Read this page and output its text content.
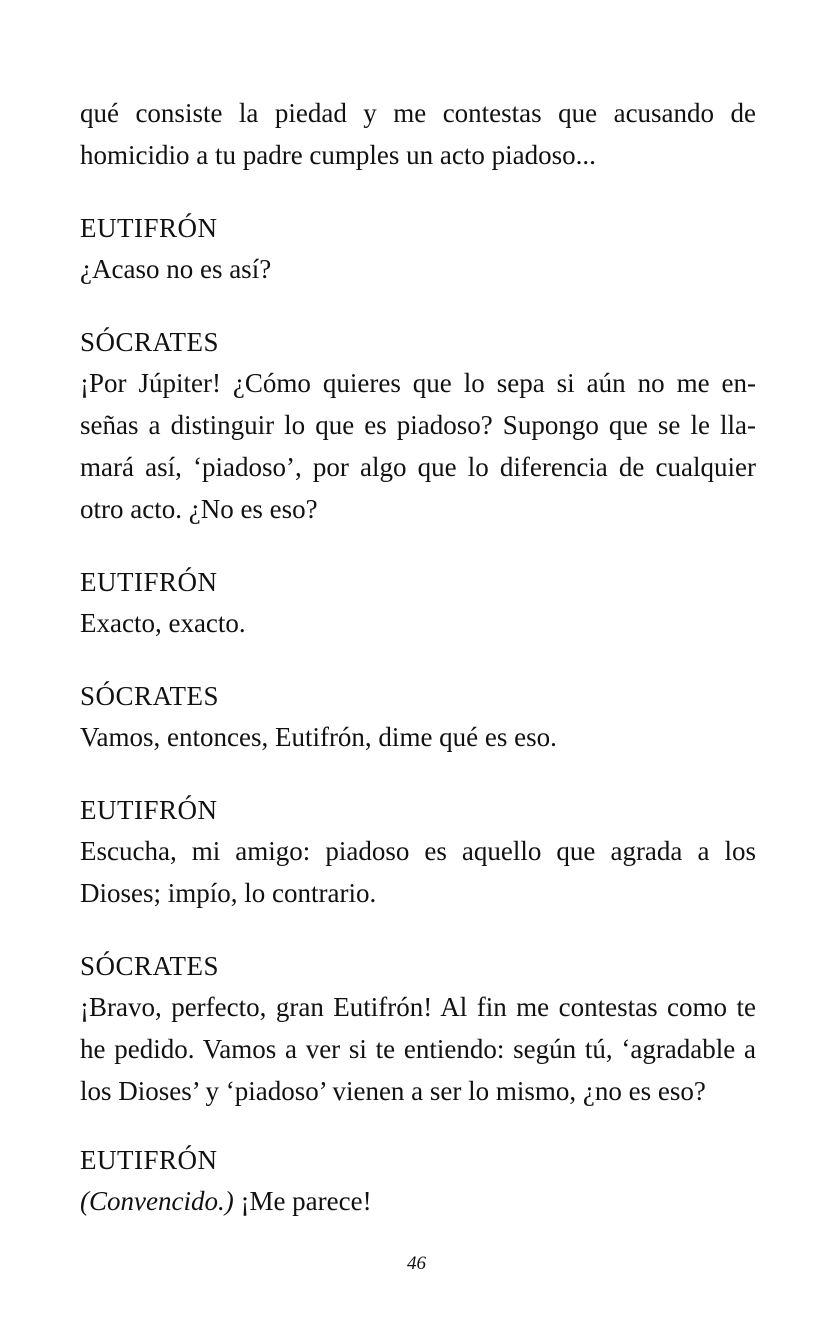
qué consiste la piedad y me contestas que acusando de
homicidio a tu padre cumples un acto piadoso...
EUTIFRÓN
¿Acaso no es así?
SÓCRATES
¡Por Júpiter! ¿Cómo quieres que lo sepa si aún no me en-
señas a distinguir lo que es piadoso? Supongo que se le lla-
mará así, ‘piadoso’, por algo que lo diferencia de cualquier
otro acto. ¿No es eso?
EUTIFRÓN
Exacto, exacto.
SÓCRATES
Vamos, entonces, Eutifrón, dime qué es eso.
EUTIFRÓN
Escucha, mi amigo: piadoso es aquello que agrada a los
Dioses; impío, lo contrario.
SÓCRATES
¡Bravo, perfecto, gran Eutifrón! Al fin me contestas como te
he pedido. Vamos a ver si te entiendo: según tú, ‘agradable a
los Dioses’ y ‘piadoso’ vienen a ser lo mismo, ¿no es eso?
EUTIFRÓN
(Convencido.) ¡Me parece!
46
